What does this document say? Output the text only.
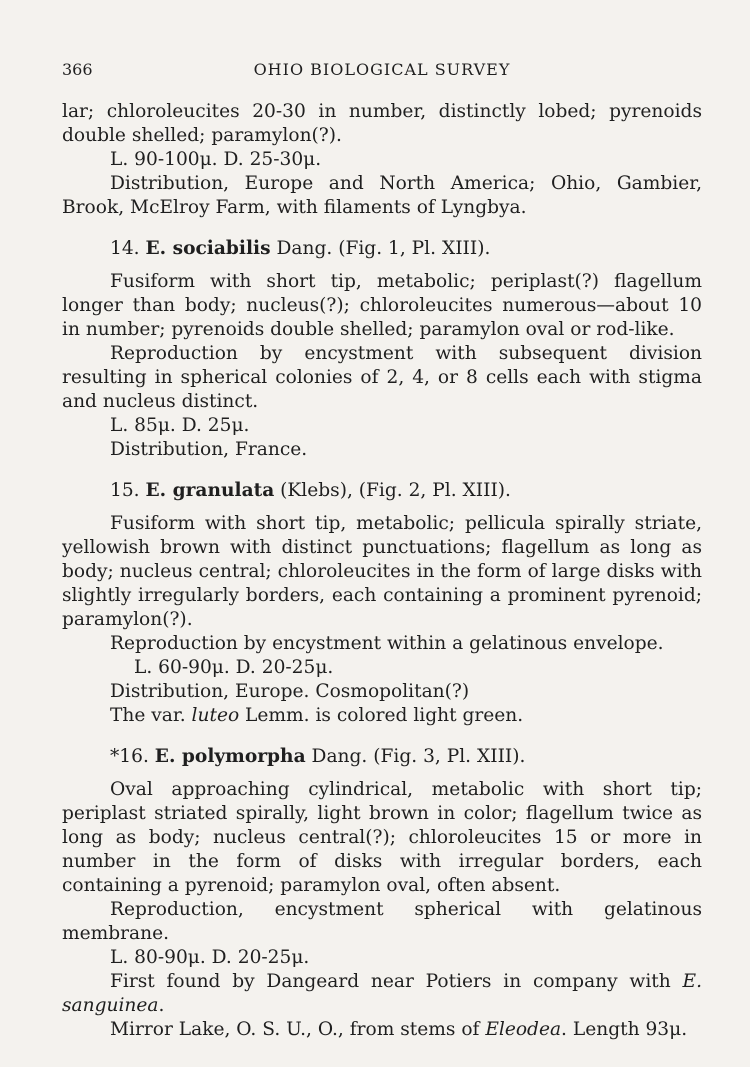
366	OHIO BIOLOGICAL SURVEY

lar; chloroleucites 20-30 in number, distinctly lobed; pyrenoids double shelled; paramylon(?).

L. 90-100μ. D. 25-30μ.

Distribution, Europe and North America; Ohio, Gambier, Brook, McElroy Farm, with filaments of Lyngbya.

14. E. sociabilis Dang. (Fig. 1, Pl. XIII).

Fusiform with short tip, metabolic; periplast(?) flagellum longer than body; nucleus(?); chloroleucites numerous—about 10 in number; pyrenoids double shelled; paramylon oval or rod-like.

Reproduction by encystment with subsequent division resulting in spherical colonies of 2, 4, or 8 cells each with stigma and nucleus distinct.

L. 85μ. D. 25μ.

Distribution, France.

15. E. granulata (Klebs), (Fig. 2, Pl. XIII).

Fusiform with short tip, metabolic; pellicula spirally striate, yellowish brown with distinct punctuations; flagellum as long as body; nucleus central; chloroleucites in the form of large disks with slightly irregularly borders, each containing a prominent pyrenoid; paramylon(?).

Reproduction by encystment within a gelatinous envelope.

L. 60-90μ. D. 20-25μ.

Distribution, Europe. Cosmopolitan(?)

The var. luteo Lemm. is colored light green.

*16. E. polymorpha Dang. (Fig. 3, Pl. XIII).

Oval approaching cylindrical, metabolic with short tip; periplast striated spirally, light brown in color; flagellum twice as long as body; nucleus central(?); chloroleucites 15 or more in number in the form of disks with irregular borders, each containing a pyrenoid; paramylon oval, often absent.

Reproduction, encystment spherical with gelatinous membrane.

L. 80-90μ. D. 20-25μ.

First found by Dangeard near Potiers in company with E. sanguinea.

Mirror Lake, O. S. U., O., from stems of Eleodea. Length 93μ.
